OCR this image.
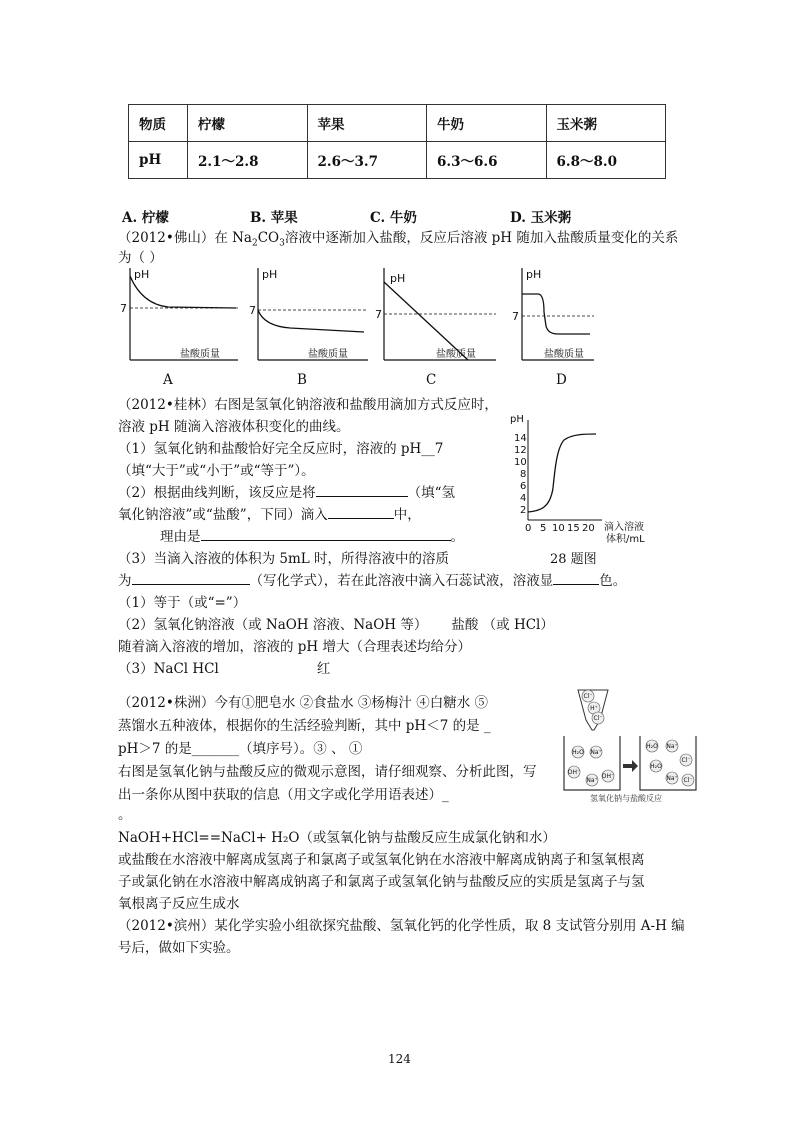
物质	柠檬	苹果	牛奶	玉米粥
pH	2.1～2.8	2.6～3.7	6.3～6.6	6.8～8.0
A. 柠檬	B. 苹果	C. 牛奶	D. 玉米粥
（2012•佛山）在 $Na_2CO_3$溶液中逐渐加入盐酸，反应后溶液 pH 随加入盐酸质量变化的关系
为（ ）
pH
7
盐酸质量
pH
7
盐酸质量
pH
7
盐酸质量
pH
7
盐酸质量
A	B	C	D
（2012•桂林）右图是氢氧化钠溶液和盐酸用滴加方式反应时，
溶液 pH 随滴入溶液体积变化的曲线。
（1）氢氧化钠和盐酸恰好完全反应时，溶液的 pH__7
（填“大于”或“小于”或“等于”）。
（2）根据曲线判断，该反应是将	（填“氢
氧化钠溶液”或“盐酸”，下同）滴入	中，
理由是	。
（3）当滴入溶液的体积为 5mL 时，所得溶液中的溶质
为	（写化学式），若在此溶液中滴入石蕊试液，溶液显	色。
（1）等于（或“=”）
（2）氢氧化钠溶液（或 NaOH 溶液、NaOH 等） 盐酸 （或 HCl）
随着滴入溶液的增加，溶液的 pH 增大（合理表述均给分）
（3）NaCl HCl	红
pH
14
12
10
8
6
4
2
0 5 10 15 20 滴入溶液
体积/mL
28 题图
（2012•株洲）今有①肥皂水 ②食盐水 ③杨梅汁 ④白糖水 ⑤
蒸馏水五种液体，根据你的生活经验判断，其中 pH＜7 的是 _
pH＞7 的是_______（填序号）。③ 、 ①
右图是氢氧化钠与盐酸反应的微观示意图，请仔细观察、分析此图，写
出一条你从图中获取的信息（用文字或化学用语表述）_
。
NaOH+HCl==NaCl+ H₂O（或氢氧化钠与盐酸反应生成氯化钠和水）
或盐酸在水溶液中解离成氢离子和氯离子或氢氧化钠在水溶液中解离成钠离子和氢氧根离
子或氯化钠在水溶液中解离成钠离子和氯离子或氢氧化钠与盐酸反应的实质是氢离子与氢
氧根离子反应生成水
Cl⁻
H⁺
Cl⁻
H₂O Na⁺
OH⁻
Na⁺
OH⁻
H₂O Na⁺
Cl⁻
H₂O
Na⁺ Cl⁻
氢氧化钠与盐酸反应
（2012•滨州）某化学实验小组欲探究盐酸、氢氧化钙的化学性质，取 8 支试管分别用 A-H 编
号后，做如下实验。
124
